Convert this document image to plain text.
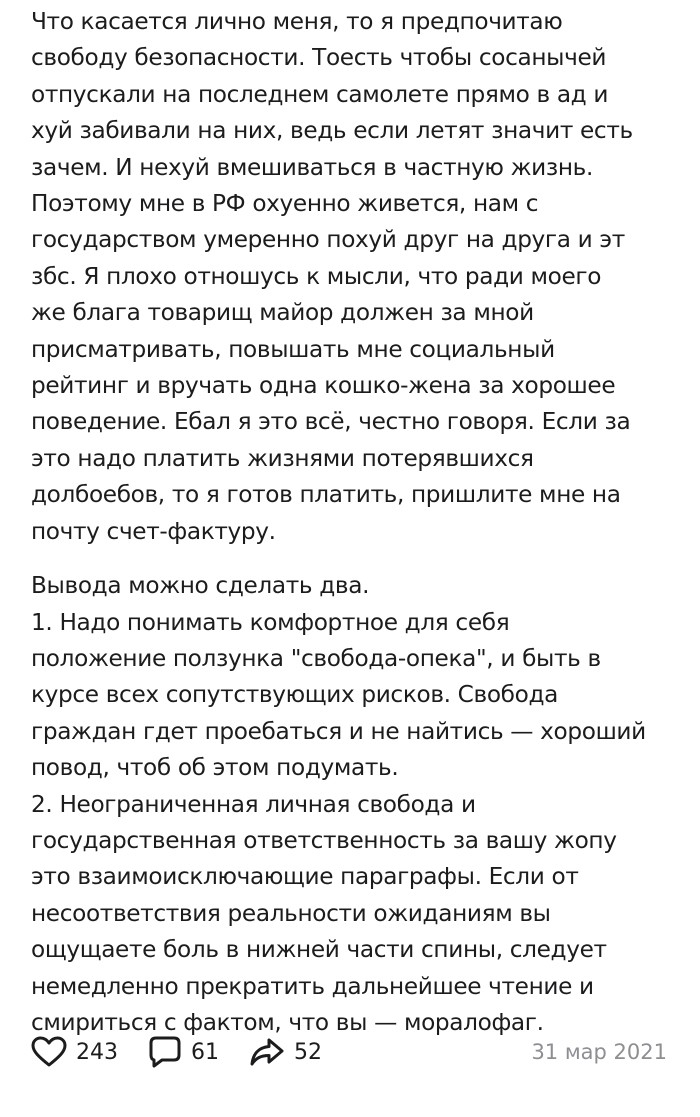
Что касается лично меня, то я предпочитаю
свободу безопасности. Тоесть чтобы сосанычей
отпускали на последнем самолете прямо в ад и
хуй забивали на них, ведь если летят значит есть
зачем. И нехуй вмешиваться в частную жизнь.
Поэтому мне в РФ охуенно живется, нам с
государством умеренно похуй друг на друга и эт
збс. Я плохо отношусь к мысли, что ради моего
же блага товарищ майор должен за мной
присматривать, повышать мне социальный
рейтинг и вручать одна кошко-жена за хорошее
поведение. Ебал я это всё, честно говоря. Если за
это надо платить жизнями потерявшихся
долбоебов, то я готов платить, пришлите мне на
почту счет-фактуру.

Вывода можно сделать два.
1. Надо понимать комфортное для себя
положение ползунка "свобода-опека", и быть в
курсе всех сопутствующих рисков. Свобода
граждан гдет проебаться и не найтись — хороший
повод, чтоб об этом подумать.
2. Неограниченная личная свобода и
государственная ответственность за вашу жопу
это взаимоисключающие параграфы. Если от
несоответствия реальности ожиданиям вы
ощущаете боль в нижней части спины, следует
немедленно прекратить дальнейшее чтение и
смириться с фактом, что вы — моралофаг.

243	61	52	31 мар 2021
